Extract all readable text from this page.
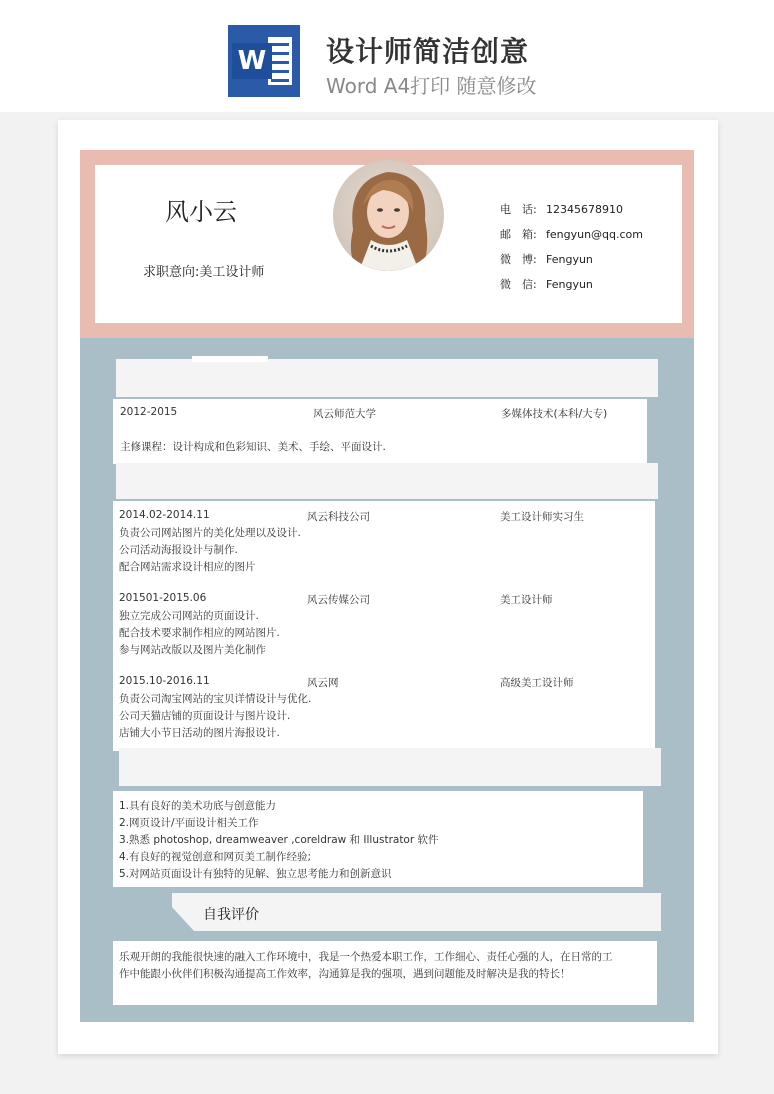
W 设计师简洁创意
Word A4打印 随意修改
风小云
求职意向:美工设计师
电　话: 12345678910
邮　箱: fengyun@qq.com
微　博: Fengyun
微　信: Fengyun
2012-2015	风云师范大学	多媒体技术(本科/大专)
主修课程：设计构成和色彩知识、美术、手绘、平面设计.
2014.02-2014.11	风云科技公司	美工设计师实习生
负责公司网站图片的美化处理以及设计.
公司活动海报设计与制作.
配合网站需求设计相应的图片
201501-2015.06	风云传媒公司	美工设计师
独立完成公司网站的页面设计.
配合技术要求制作相应的网站图片.
参与网站改版以及图片美化制作
2015.10-2016.11	风云网	高级美工设计师
负责公司淘宝网站的宝贝详情设计与优化.
公司天猫店铺的页面设计与图片设计.
店铺大小节日活动的图片海报设计.
1.具有良好的美术功底与创意能力
2.网页设计/平面设计相关工作
3.熟悉 photoshop, dreamweaver ,coreldraw 和 Illustrator 软件
4.有良好的视觉创意和网页美工制作经验;
5.对网站页面设计有独特的见解、独立思考能力和创新意识
自我评价
乐观开朗的我能很快速的融入工作环境中，我是一个热爱本职工作，工作细心、责任心强的人，在日常的工
作中能跟小伙伴们积极沟通提高工作效率，沟通算是我的强项，遇到问题能及时解决是我的特长！
